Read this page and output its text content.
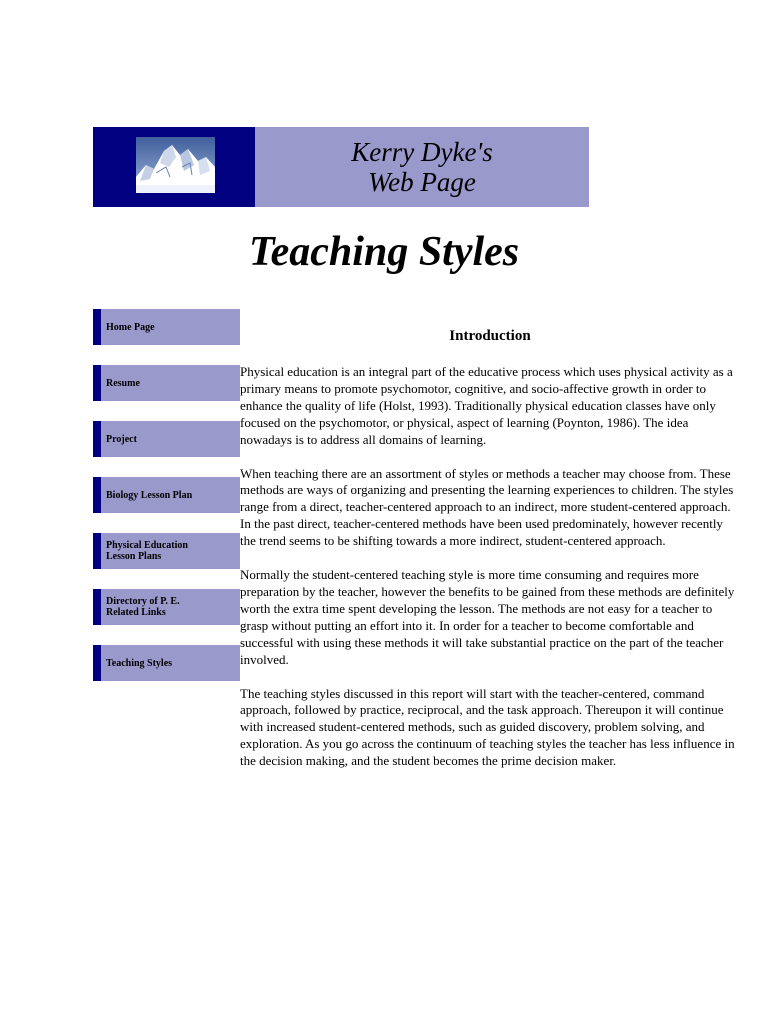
Kerry Dyke's
Web Page
Teaching Styles
Home Page
Resume
Project
Biology Lesson Plan
Physical Education
Lesson Plans
Directory of P. E.
Related Links
Teaching Styles
Introduction

Physical education is an integral part of the educative process which uses physical activity as a primary means to promote psychomotor, cognitive, and socio-affective growth in order to enhance the quality of life (Holst, 1993). Traditionally physical education classes have only focused on the psychomotor, or physical, aspect of learning (Poynton, 1986). The idea nowadays is to address all domains of learning.

When teaching there are an assortment of styles or methods a teacher may choose from. These methods are ways of organizing and presenting the learning experiences to children. The styles range from a direct, teacher-centered approach to an indirect, more student-centered approach. In the past direct, teacher-centered methods have been used predominately, however recently the trend seems to be shifting towards a more indirect, student-centered approach.

Normally the student-centered teaching style is more time consuming and requires more preparation by the teacher, however the benefits to be gained from these methods are definitely worth the extra time spent developing the lesson. The methods are not easy for a teacher to grasp without putting an effort into it. In order for a teacher to become comfortable and successful with using these methods it will take substantial practice on the part of the teacher involved.

The teaching styles discussed in this report will start with the teacher-centered, command approach, followed by practice, reciprocal, and the task approach. Thereupon it will continue with increased student-centered methods, such as guided discovery, problem solving, and exploration. As you go across the continuum of teaching styles the teacher has less influence in the decision making, and the student becomes the prime decision maker.
